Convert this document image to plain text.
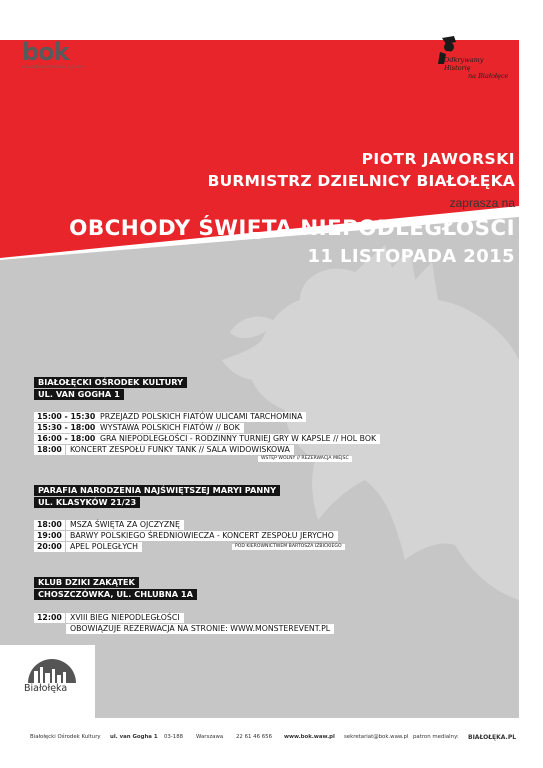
bok
BIAŁOŁĘCKI OŚRODEK KULTURY
Odkrywamy
Historię
na Białołęce
PIOTR JAWORSKI
BURMISTRZ DZIELNICY BIAŁOŁĘKA
zaprasza na
OBCHODY ŚWIĘTA NIEPODLEGŁOŚCI
11 LISTOPADA 2015
BIAŁOŁĘCKI OŚRODEK KULTURY
UL. VAN GOGHA 1
15:00 - 15:30 PRZEJAZD POLSKICH FIATÓW ULICAMI TARCHOMINA
15:30 - 18:00 WYSTAWA POLSKICH FIATÓW // BOK
16:00 - 18:00 GRA NIEPODLEGŁOŚCI - RODZINNY TURNIEJ GRY W KAPSLE // HOL BOK
18:00	KONCERT ZESPOŁU FUNKY TANK // SALA WIDOWISKOWA
WSTĘP WOLNY // REZERWACJA MIEJSC
PARAFIA NARODZENIA NAJŚWIĘTSZEJ MARYI PANNY
UL. KLASYKÓW 21/23
18:00	MSZA ŚWIĘTA ZA OJCZYZNĘ
19:00	BARWY POLSKIEGO ŚREDNIOWIECZA - KONCERT ZESPOŁU JERYCHO
20:00	APEL POLEGŁYCH	POD KIEROWNICTWEM BARTOSZA IZBICKIEGO
KLUB DZIKI ZAKĄTEK
CHOSZCZÓWKA, UL. CHLUBNA 1A
12:00	XVIII BIEG NIEPODLEGŁOŚCI
OBOWIĄZUJE REZERWACJA NA STRONIE: WWW.MONSTEREVENT.PL
Białołęka
Białołęcki Ośrodek Kultury ul. van Gogha 1 03-188 Warszawa 22 61 46 656 www.bok.waw.pl sekretariat@bok.waw.pl patron medialny: BIAŁOŁĘKA.PL
